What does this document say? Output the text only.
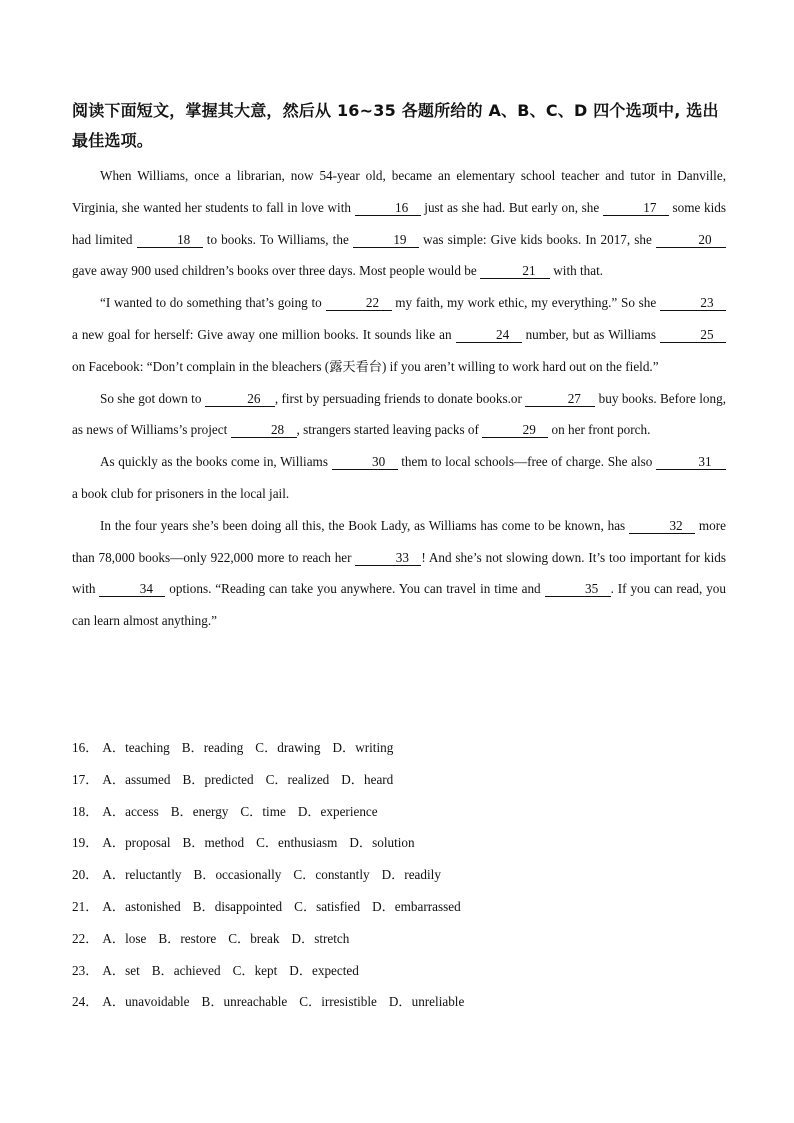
阅读下面短文，掌握其大意，然后从 16~35 各题所给的 A、B、C、D 四个选项中, 选出最佳选项。

When Williams, once a librarian, now 54-year old, became an elementary school teacher and tutor in Danville, Virginia, she wanted her students to fall in love with	16 just as she had. But early on, she	17 some kids had limited	18 to books. To Williams, the	19 was simple: Give kids books. In 2017, she	20 gave away 900 used children’s books over three days. Most people would be	21 with that.

“I wanted to do something that’s going to	22 my faith, my work ethic, my everything.” So she	23 a new goal for herself: Give away one million books. It sounds like an	24 number, but as Williams	25 on Facebook: “Don’t complain in the bleachers (露天看台) if you aren’t willing to work hard out on the field.”

So she got down to	26 , first by persuading friends to donate books.or	27 buy books. Before long, as news of Williams’s project	28 , strangers started leaving packs of	29 on her front porch.

As quickly as the books come in, Williams	30 them to local schools—free of charge. She also	31 a book club for prisoners in the local jail.

In the four years she’s been doing all this, the Book Lady, as Williams has come to be known, has	32 more than 78,000 books—only 922,000 more to reach her	33 ! And she’s not slowing down. It’s too important for kids with	34 options. “Reading can take you anywhere. You can travel in time and	35 . If you can read, you can learn almost anything.”

16． A．teaching B．reading C．drawing D．writing
17． A．assumed B．predicted C．realized D．heard
18． A．access B．energy C．time D．experience
19． A．proposal B．method C．enthusiasm D．solution
20． A．reluctantly B．occasionally C．constantly D．readily
21． A．astonished B．disappointed C．satisfied D．embarrassed
22． A．lose B．restore C．break D．stretch
23． A．set B．achieved C．kept D．expected
24． A．unavoidable B．unreachable C．irresistible D．unreliable
